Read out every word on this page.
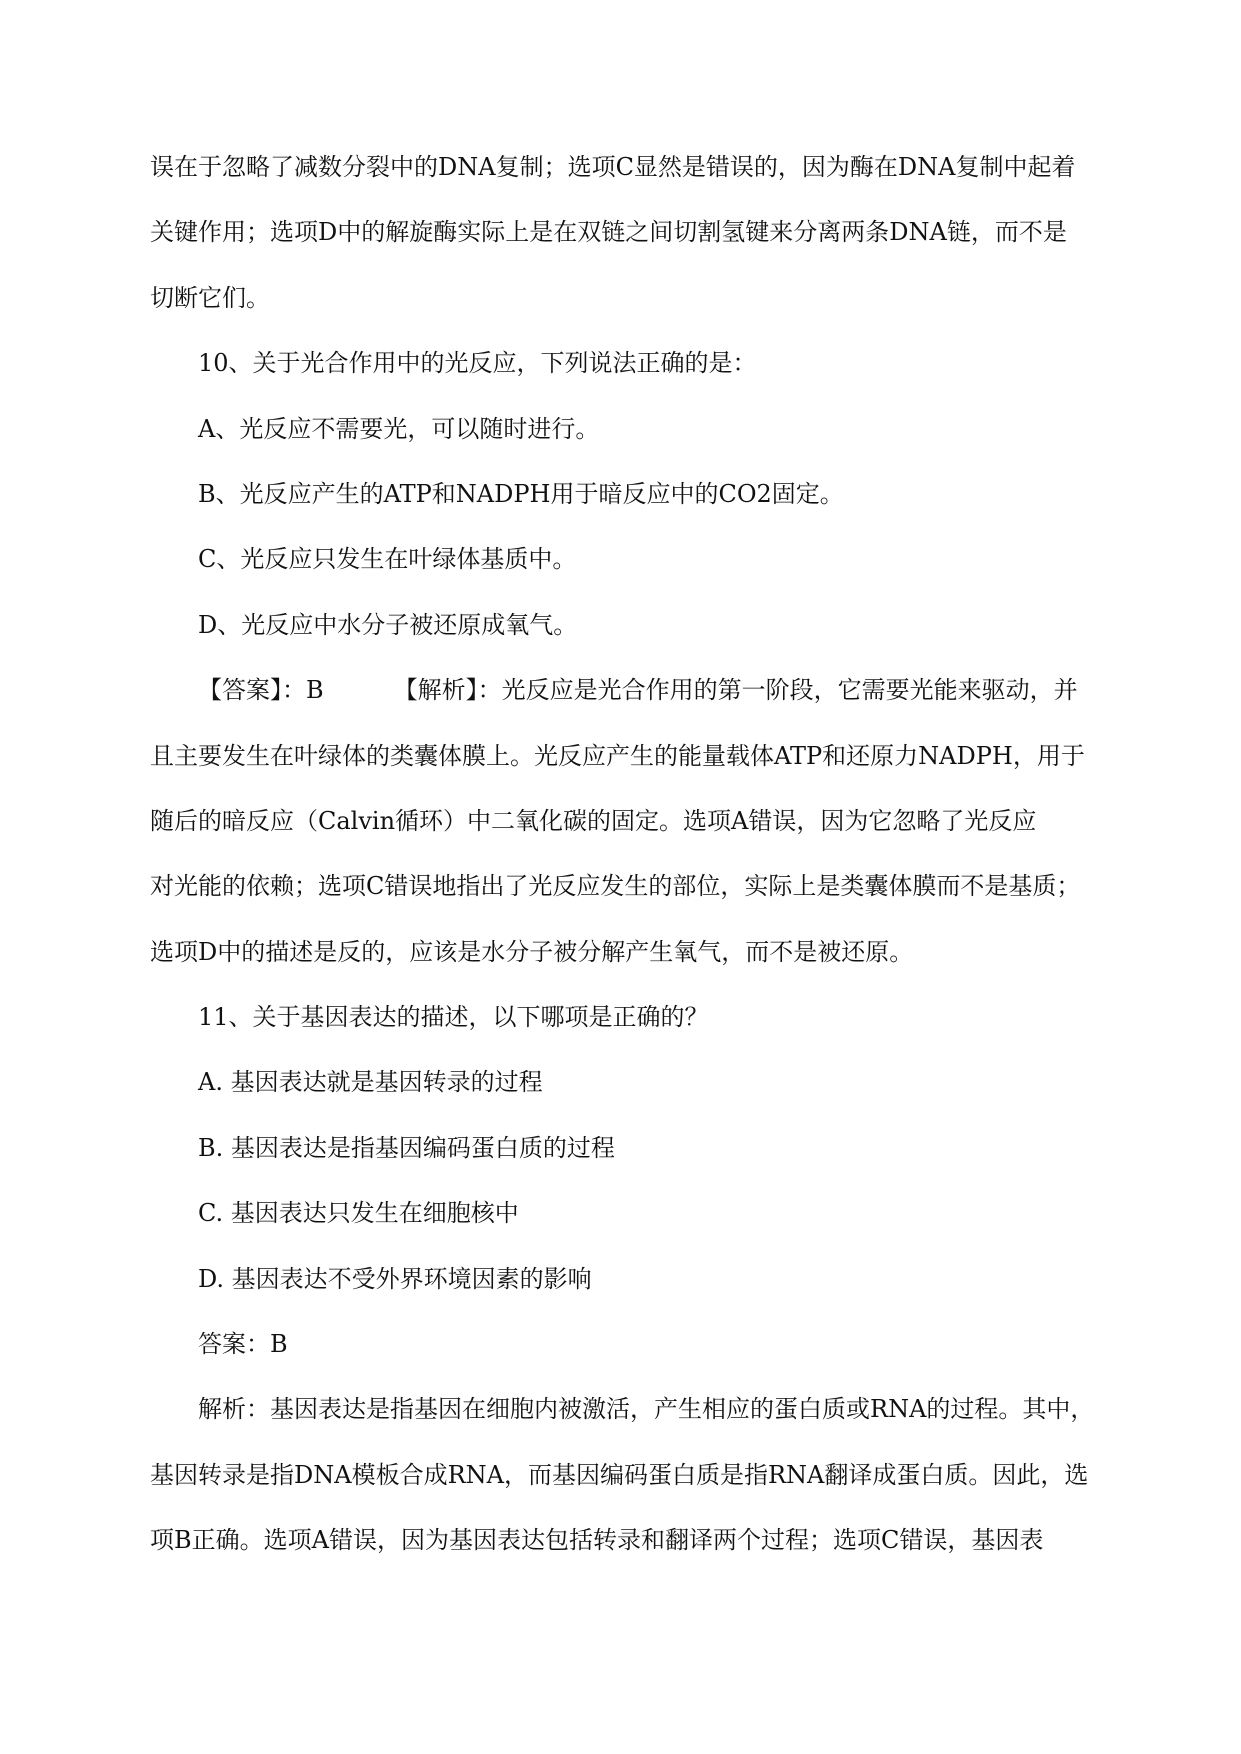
误在于忽略了减数分裂中的DNA复制；选项C显然是错误的，因为酶在DNA复制中起着
关键作用；选项D中的解旋酶实际上是在双链之间切割氢键来分离两条DNA链，而不是
切断它们。
10、关于光合作用中的光反应，下列说法正确的是：
A、光反应不需要光，可以随时进行。
B、光反应产生的ATP和NADPH用于暗反应中的CO2固定。
C、光反应只发生在叶绿体基质中。
D、光反应中水分子被还原成氧气。
【答案】：B	【解析】：光反应是光合作用的第一阶段，它需要光能来驱动，并
且主要发生在叶绿体的类囊体膜上。光反应产生的能量载体ATP和还原力NADPH，用于
随后的暗反应（Calvin循环）中二氧化碳的固定。选项A错误，因为它忽略了光反应
对光能的依赖；选项C错误地指出了光反应发生的部位，实际上是类囊体膜而不是基质；
选项D中的描述是反的，应该是水分子被分解产生氧气，而不是被还原。
11、关于基因表达的描述，以下哪项是正确的？
A. 基因表达就是基因转录的过程
B. 基因表达是指基因编码蛋白质的过程
C. 基因表达只发生在细胞核中
D. 基因表达不受外界环境因素的影响
答案：B
解析：基因表达是指基因在细胞内被激活，产生相应的蛋白质或RNA的过程。其中，
基因转录是指DNA模板合成RNA，而基因编码蛋白质是指RNA翻译成蛋白质。因此，选
项B正确。选项A错误，因为基因表达包括转录和翻译两个过程；选项C错误，基因表
